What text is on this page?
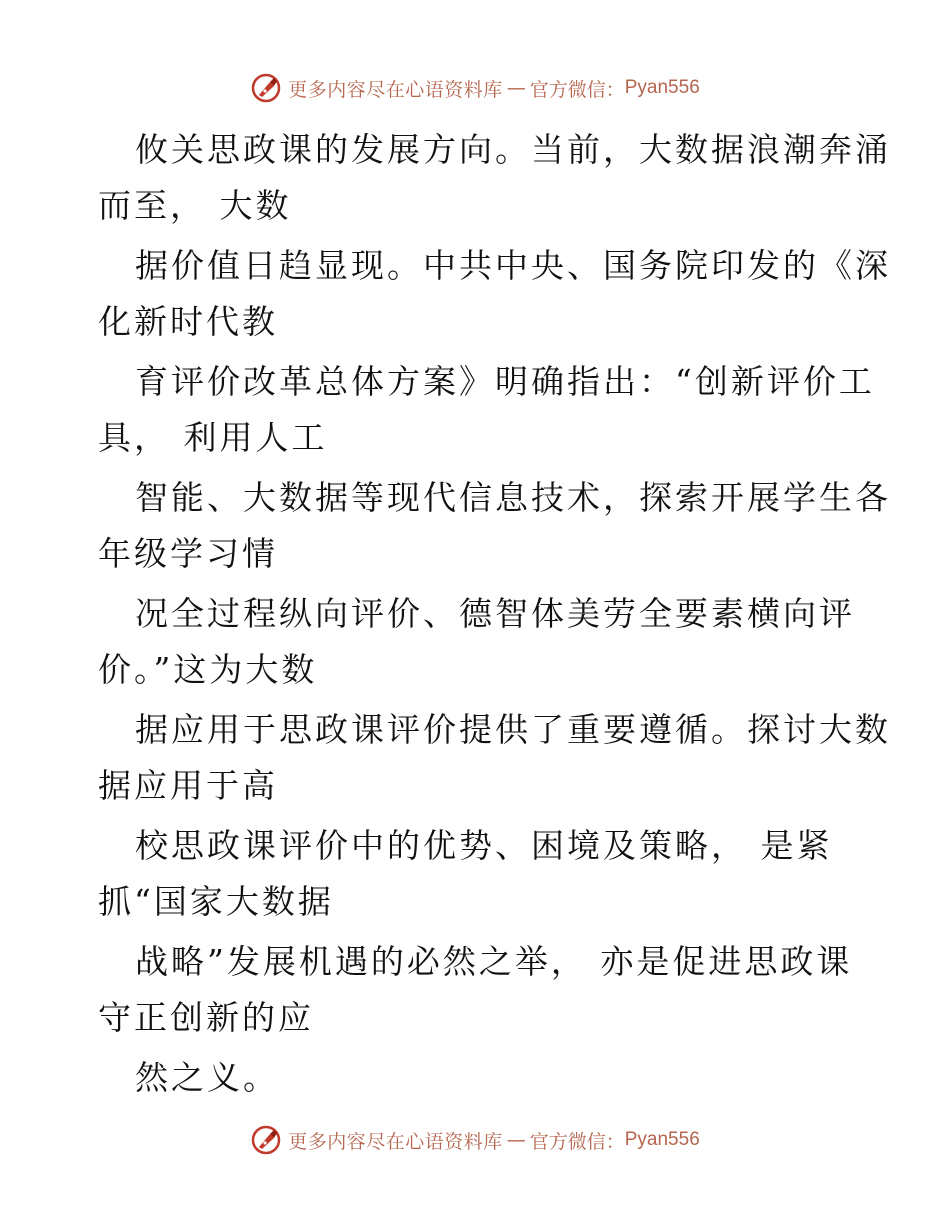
更多内容尽在心语资料库 — 官方微信： Pyan556
攸关思政课的发展方向。当前，大数据浪潮奔涌
而至， 大数
据价值日趋显现。中共中央、国务院印发的《深
化新时代教
育评价改革总体方案》明确指出：“创新评价工
具， 利用人工
智能、大数据等现代信息技术，探索开展学生各
年级学习情
况全过程纵向评价、德智体美劳全要素横向评
价。”这为大数
据应用于思政课评价提供了重要遵循。探讨大数
据应用于高
校思政课评价中的优势、困境及策略， 是紧
抓“国家大数据
战略”发展机遇的必然之举， 亦是促进思政课
守正创新的应
然之义。
更多内容尽在心语资料库 — 官方微信： Pyan556
